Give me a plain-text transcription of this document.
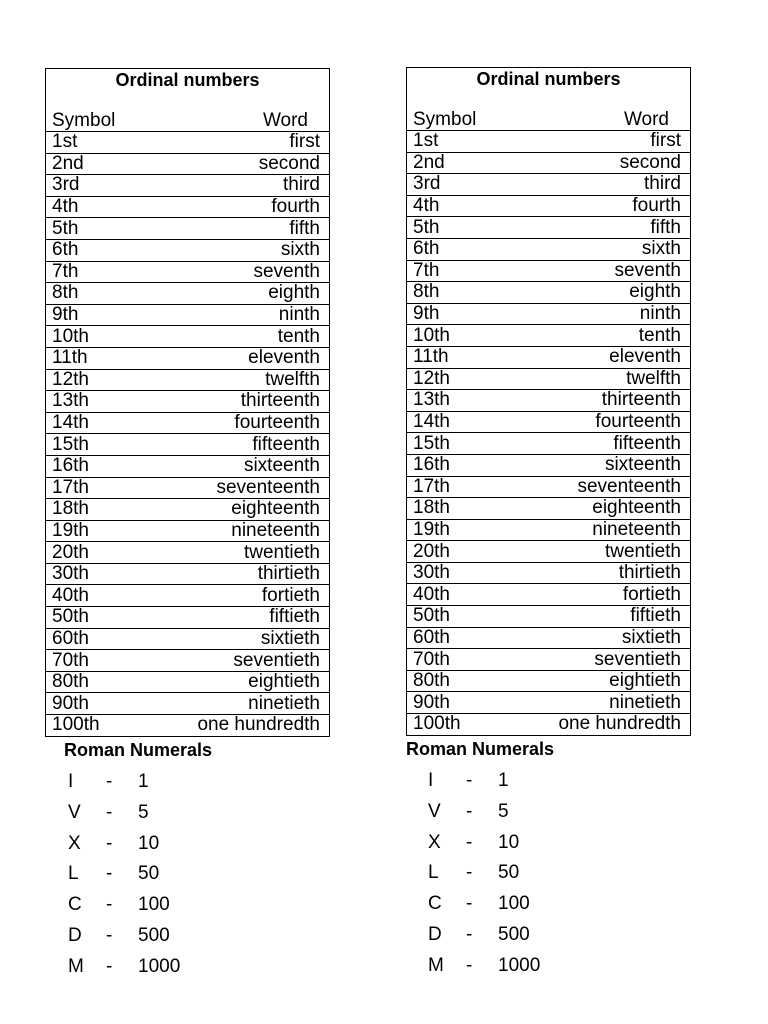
Ordinal numbers
Symbol	Word
1st	first
2nd	second
3rd	third
4th	fourth
5th	fifth
6th	sixth
7th	seventh
8th	eighth
9th	ninth
10th	tenth
11th	eleventh
12th	twelfth
13th	thirteenth
14th	fourteenth
15th	fifteenth
16th	sixteenth
17th	seventeenth
18th	eighteenth
19th	nineteenth
20th	twentieth
30th	thirtieth
40th	fortieth
50th	fiftieth
60th	sixtieth
70th	seventieth
80th	eightieth
90th	ninetieth
100th	one hundredth
Roman Numerals
I	-	1
V	-	5
X	-	10
L	-	50
C	-	100
D	-	500
M	-	1000
Ordinal numbers
Symbol	Word
1st	first
2nd	second
3rd	third
4th	fourth
5th	fifth
6th	sixth
7th	seventh
8th	eighth
9th	ninth
10th	tenth
11th	eleventh
12th	twelfth
13th	thirteenth
14th	fourteenth
15th	fifteenth
16th	sixteenth
17th	seventeenth
18th	eighteenth
19th	nineteenth
20th	twentieth
30th	thirtieth
40th	fortieth
50th	fiftieth
60th	sixtieth
70th	seventieth
80th	eightieth
90th	ninetieth
100th	one hundredth
Roman Numerals
I	-	1
V	-	5
X	-	10
L	-	50
C	-	100
D	-	500
M	-	1000
